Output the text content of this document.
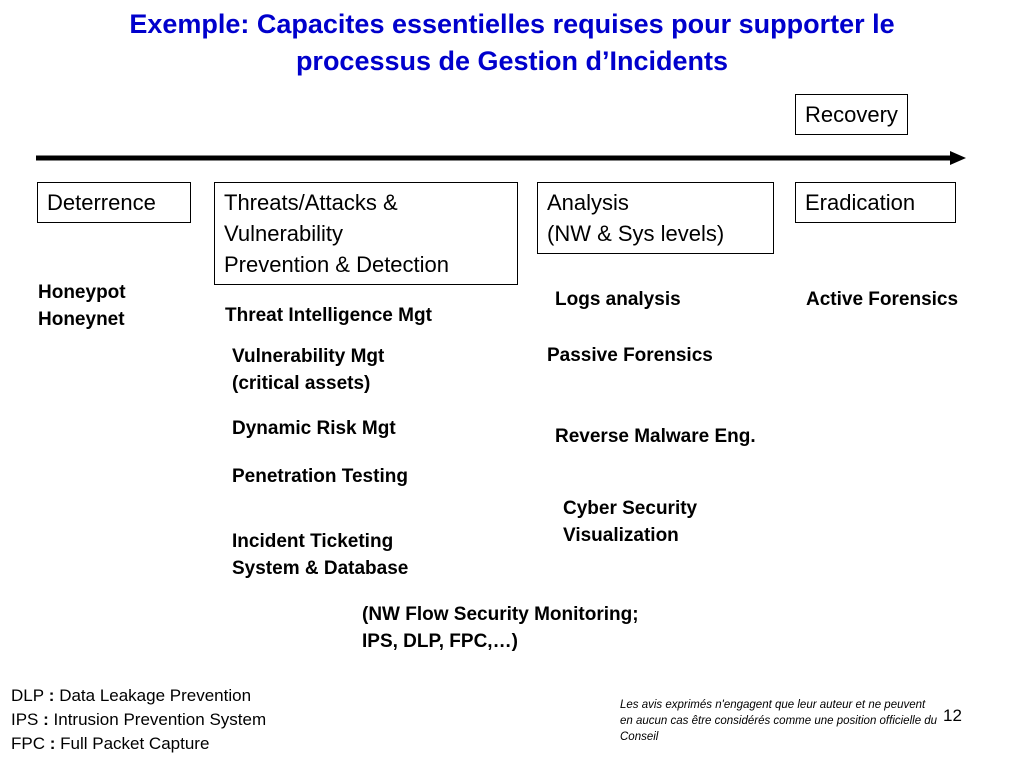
Exemple: Capacites essentielles requises pour supporter le
processus de Gestion d’Incidents
Recovery
Deterrence	Threats/Attacks &
Vulnerability
Prevention & Detection
Analysis
(NW & Sys levels)
Eradication
Honeypot
Honeynet	Threat Intelligence Mgt
Vulnerability Mgt
(critical assets)
Dynamic Risk Mgt
Penetration Testing
Incident Ticketing
System & Database
Logs analysis
Passive Forensics
Reverse Malware Eng.
Cyber Security
Visualization
Active Forensics
(NW Flow Security Monitoring;
IPS, DLP, FPC,…)
DLP : Data Leakage Prevention
IPS : Intrusion Prevention System
FPC : Full Packet Capture
Les avis exprimés n'engagent que leur auteur et ne peuvent en aucun cas être considérés comme une position officielle du Conseil
12
